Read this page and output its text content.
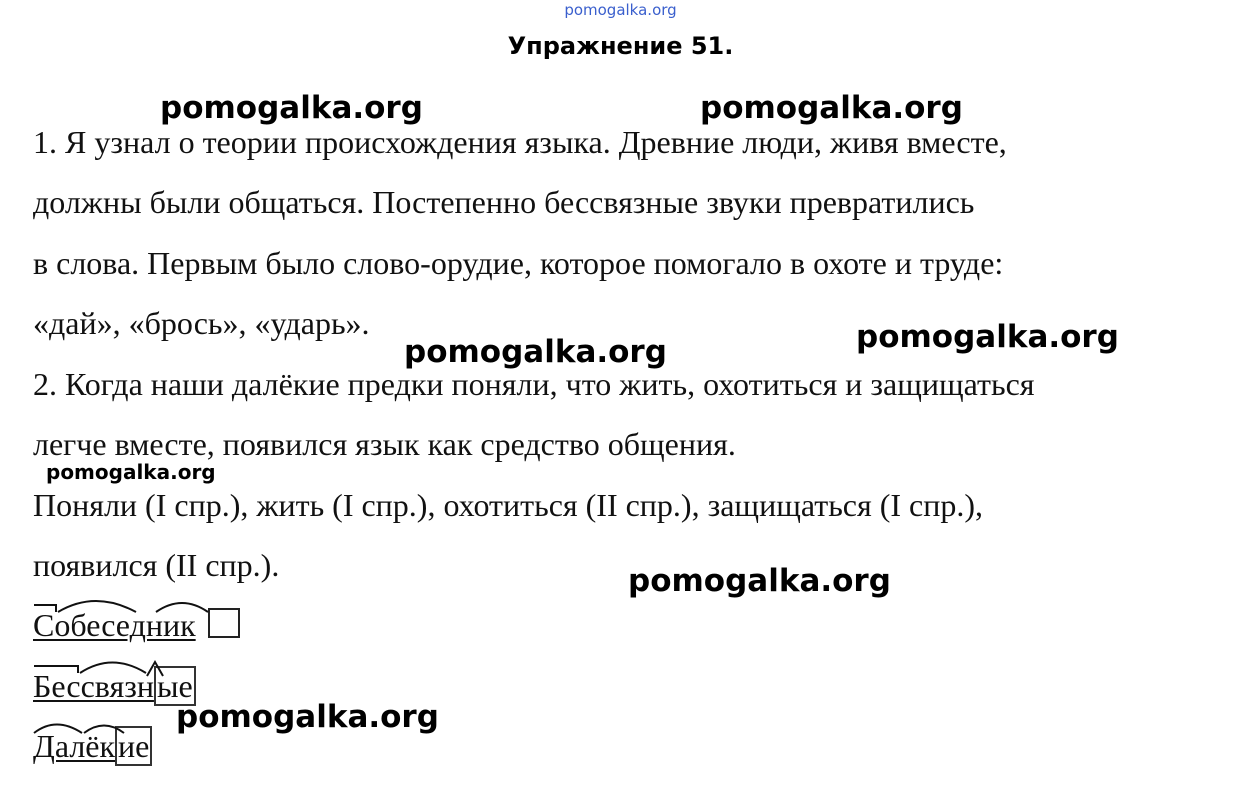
pomogalka.org
Упражнение 51.
1. Я узнал о теории происхождения языка. Древние люди, живя вместе,
должны были общаться. Постепенно бессвязные звуки превратились
в слова. Первым было слово-орудие, которое помогало в охоте и труде:
«дай», «брось», «ударь».
2. Когда наши далёкие предки поняли, что жить, охотиться и защищаться
легче вместе, появился язык как средство общения.
Поняли (I спр.), жить (I спр.), охотиться (II спр.), защищаться (I спр.),
появился (II спр.).
Собеседник
Бессвязные
Далёкие
pomogalka.org	pomogalka.org
pomogalka.org
pomogalka.org
pomogalka.org
pomogalka.org
pomogalka.org
